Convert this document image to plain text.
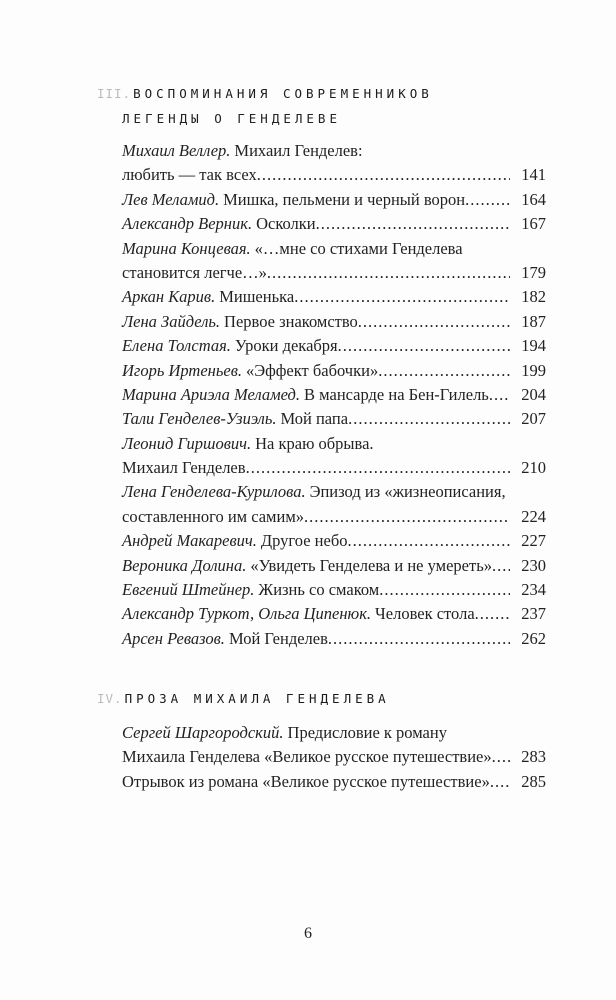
III. ВОСПОМИНАНИЯ СОВРЕМЕННИКОВ
ЛЕГЕНДЫ О ГЕНДЕЛЕВЕ
Михаил Веллер. Михаил Генделев:
любить — так всех .....	141
Лев Меламид. Мишка, пельмени и черный ворон .....	164
Александр Верник. Осколки .....	167
Марина Концевая. «…мне со стихами Генделева
становится легче…» .....	179
Аркан Карив. Мишенька .....	182
Лена Зайдель. Первое знакомство .....	187
Елена Толстая. Уроки декабря .....	194
Игорь Иртеньев. «Эффект бабочки» .....	199
Марина Ариэла Меламед. В мансарде на Бен-Гилель .....	204
Тали Генделев-Узиэль. Мой папа .....	207
Леонид Гиршович. На краю обрыва.
Михаил Генделев .....	210
Лена Генделева-Курилова. Эпизод из «жизнеописания,
составленного им самим» .....	224
Андрей Макаревич. Другое небо .....	227
Вероника Долина. «Увидеть Генделева и не умереть» .....	230
Евгений Штейнер. Жизнь со смаком .....	234
Александр Туркот, Ольга Ципенюк. Человек стола .....	237
Арсен Ревазов. Мой Генделев .....	262
IV. ПРОЗА МИХАИЛА ГЕНДЕЛЕВА
Сергей Шаргородский. Предисловие к роману
Михаила Генделева «Великое русское путешествие» .....	283
Отрывок из романа «Великое русское путешествие» .....	285
6
